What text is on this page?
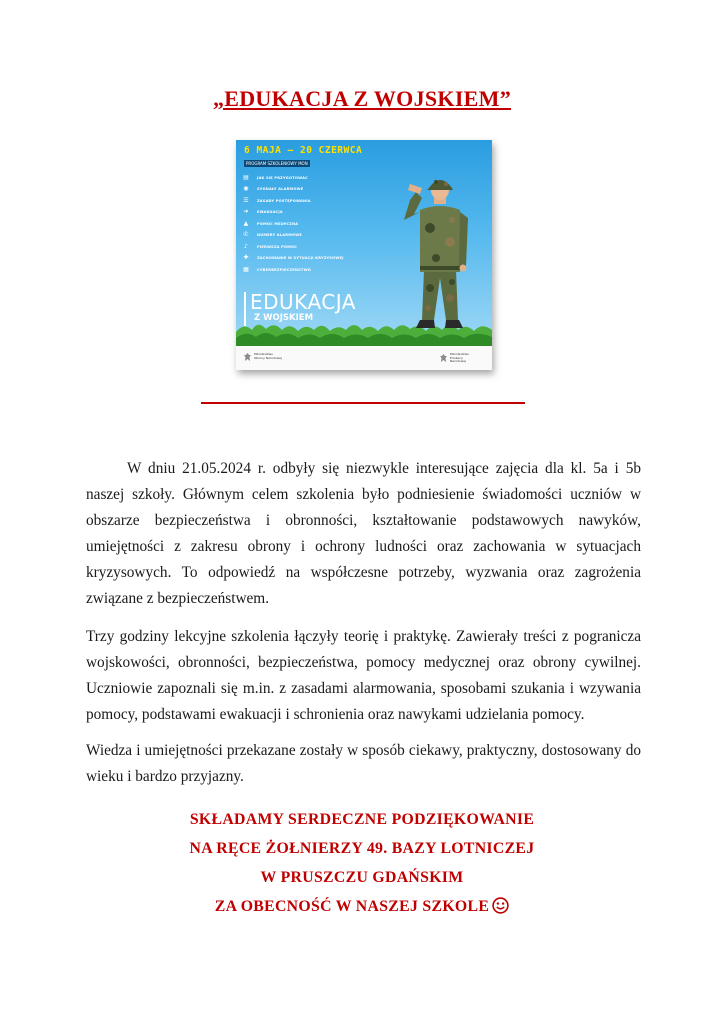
„EDUKACJA Z WOJSKIEM”
6 MAJA – 20 CZERWCA
PROGRAM SZKOLENIOWY MON
▤ JAK SIĘ PRZYGOTOWAĆ
◉ SYGNAŁY ALARMOWE
☰ ZASADY POSTĘPOWANIA
➜ EWAKUACJA
▲ POMOC MEDYCZNA
✆ NUMERY ALARMOWE
♪ PIERWSZA POMOC
✚ ZACHOWANIE W SYTUACJI KRYZYSOWEJ
▦ CYBERBEZPIECZEŃSTWO
EDUKACJA
Z WOJSKIEM
Ministerstwo Obrony Narodowej
Ministerstwo Edukacji Narodowej

W dniu 21.05.2024 r. odbyły się niezwykle interesujące zajęcia dla kl. 5a i 5b naszej szkoły. Głównym celem szkolenia było podniesienie świadomości uczniów w obszarze bezpieczeństwa i obronności, kształtowanie podstawowych nawyków, umiejętności z zakresu obrony i ochrony ludności oraz zachowania w sytuacjach kryzysowych. To odpowiedź na współczesne potrzeby, wyzwania oraz zagrożenia związane z bezpieczeństwem.

Trzy godziny lekcyjne szkolenia łączyły teorię i praktykę. Zawierały treści z pogranicza wojskowości, obronności, bezpieczeństwa, pomocy medycznej oraz obrony cywilnej. Uczniowie zapoznali się m.in. z zasadami alarmowania, sposobami szukania i wzywania pomocy, podstawami ewakuacji i schronienia oraz nawykami udzielania pomocy.

Wiedza i umiejętności przekazane zostały w sposób ciekawy, praktyczny, dostosowany do wieku i bardzo przyjazny.

SKŁADAMY SERDECZNE PODZIĘKOWANIE
NA RĘCE ŻOŁNIERZY 49. BAZY LOTNICZEJ
W PRUSZCZU GDAŃSKIM
ZA OBECNOŚĆ W NASZEJ SZKOLE
